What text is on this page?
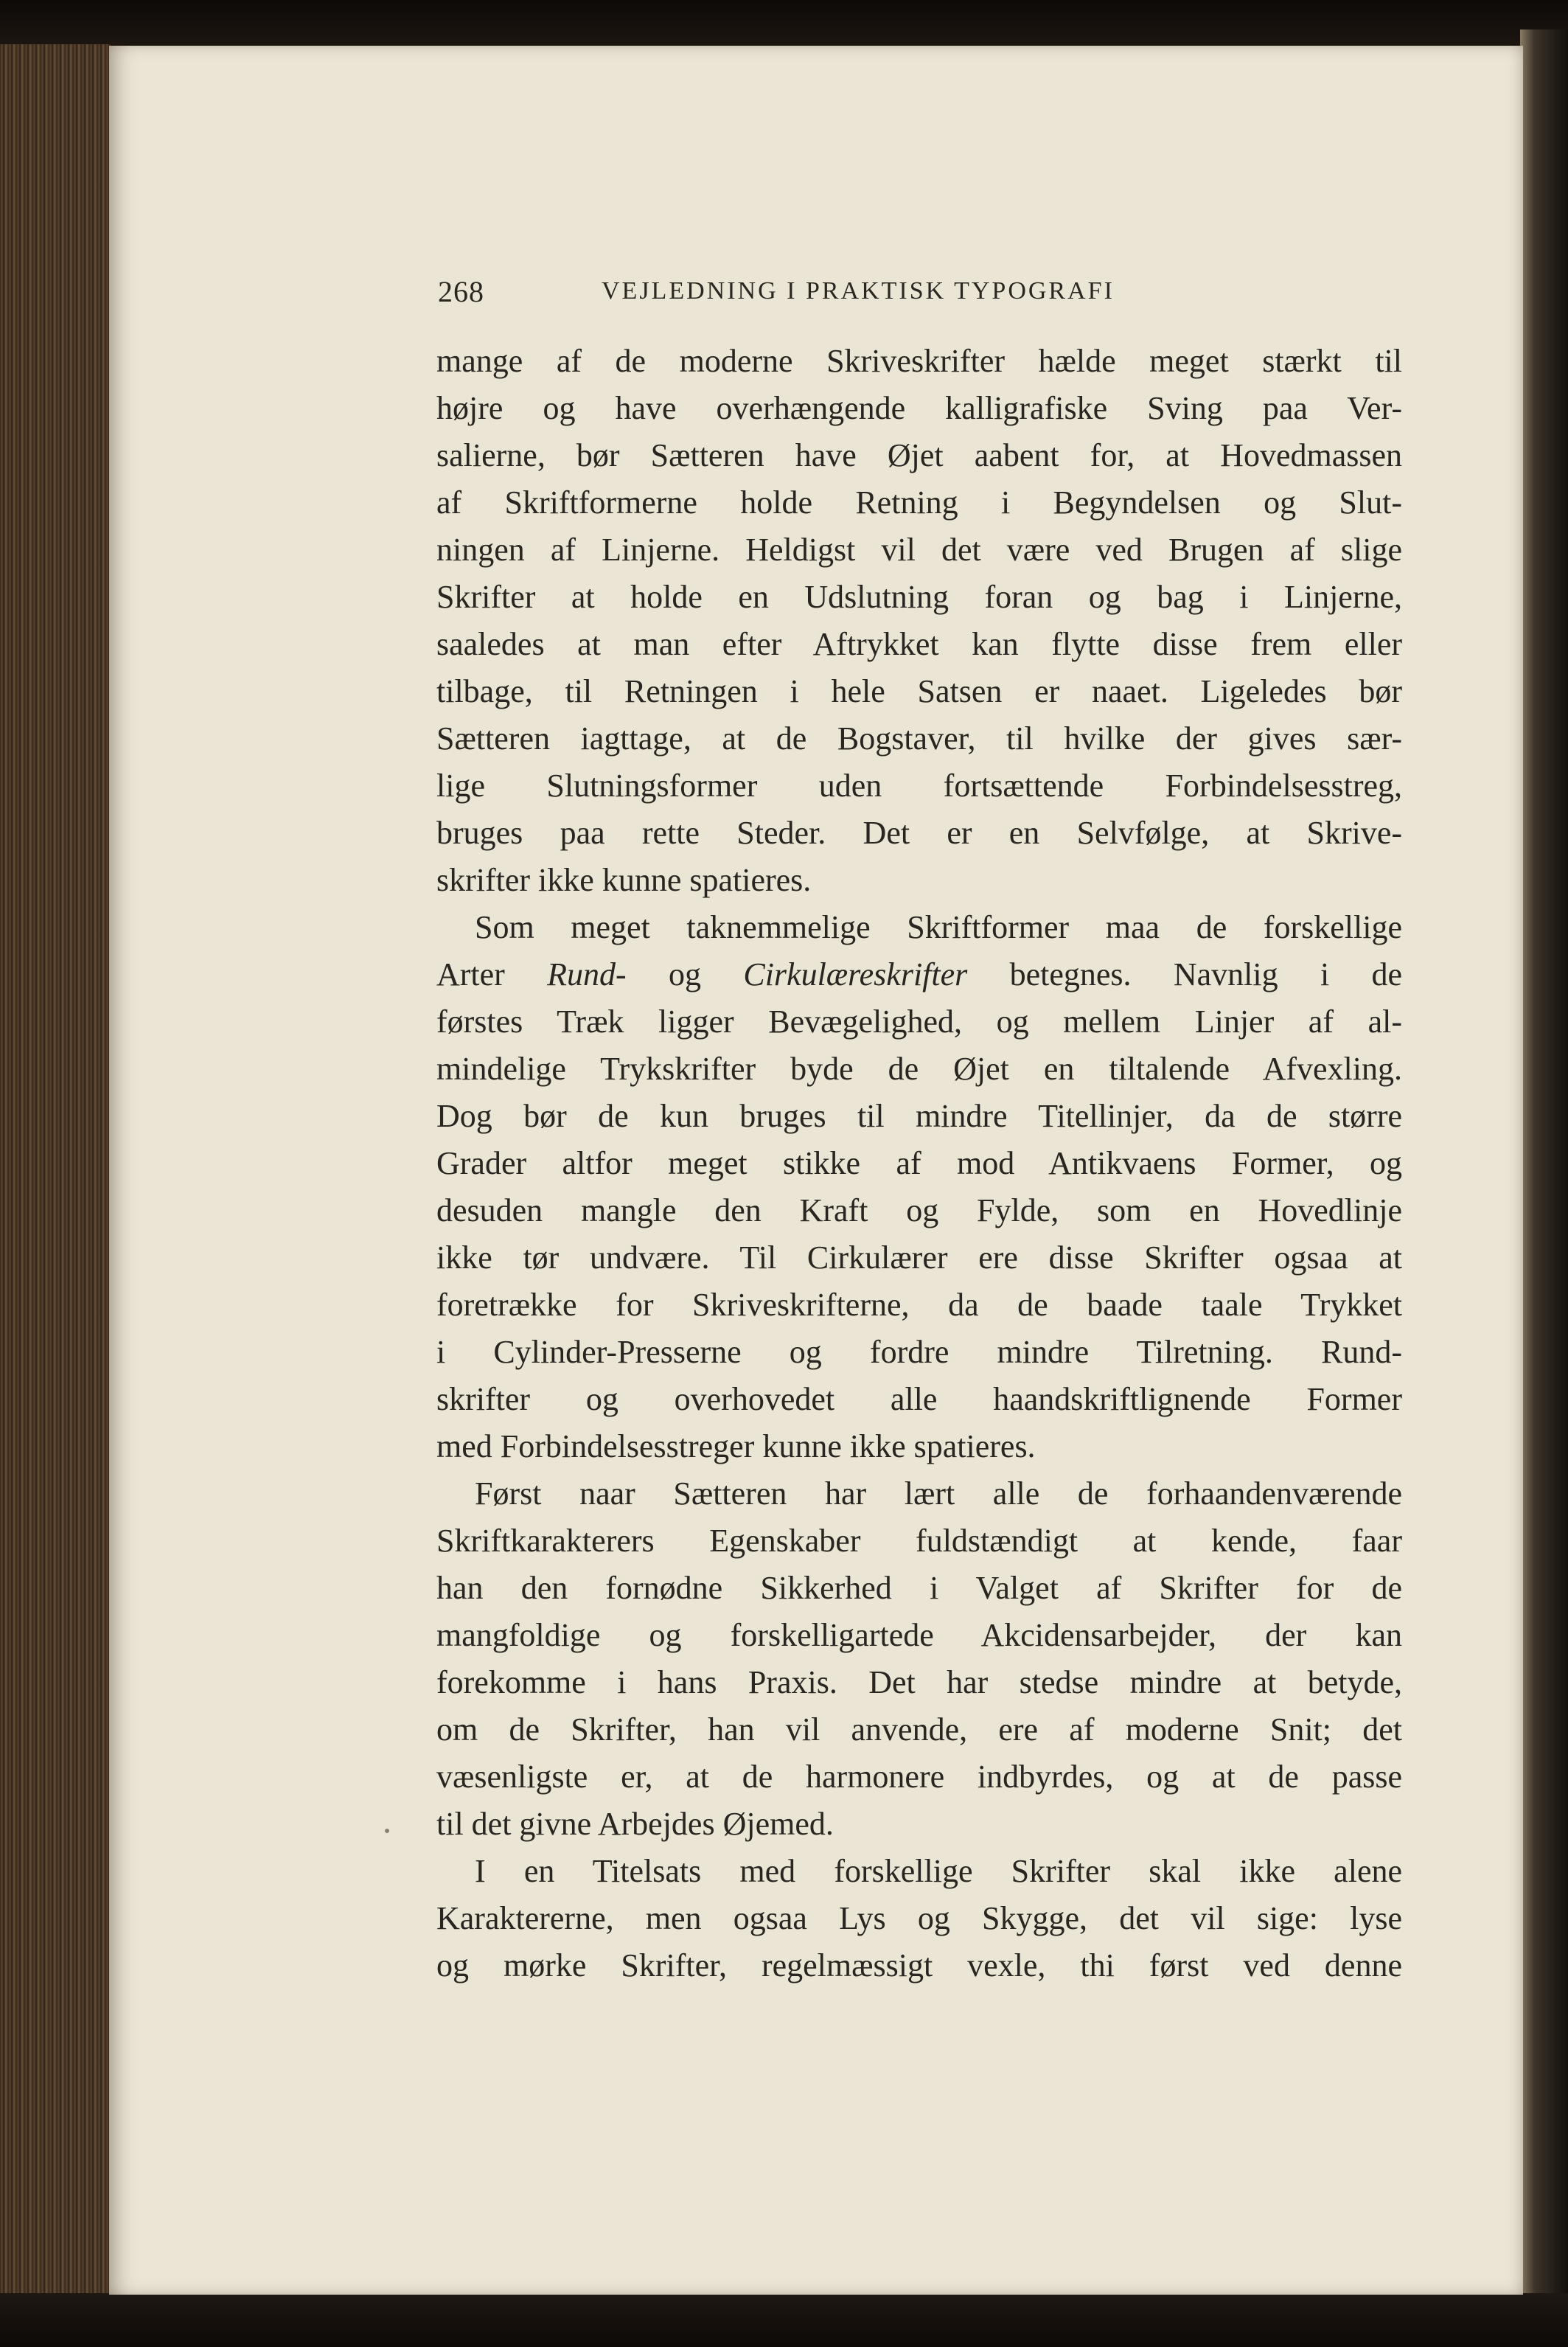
268	VEJLEDNING I PRAKTISK TYPOGRAFI
mange af de moderne Skriveskrifter hælde meget stærkt til
højre og have overhængende kalligrafiske Sving paa Ver-
salierne, bør Sætteren have Øjet aabent for, at Hovedmassen
af Skriftformerne holde Retning i Begyndelsen og Slut-
ningen af Linjerne. Heldigst vil det være ved Brugen af slige
Skrifter at holde en Udslutning foran og bag i Linjerne,
saaledes at man efter Aftrykket kan flytte disse frem eller
tilbage, til Retningen i hele Satsen er naaet. Ligeledes bør
Sætteren iagttage, at de Bogstaver, til hvilke der gives sær-
lige Slutningsformer uden fortsættende Forbindelsesstreg,
bruges paa rette Steder. Det er en Selvfølge, at Skrive-
skrifter ikke kunne spatieres.
Som meget taknemmelige Skriftformer maa de forskellige
Arter Rund- og Cirkulæreskrifter betegnes. Navnlig i de
førstes Træk ligger Bevægelighed, og mellem Linjer af al-
mindelige Trykskrifter byde de Øjet en tiltalende Afvexling.
Dog bør de kun bruges til mindre Titellinjer, da de større
Grader altfor meget stikke af mod Antikvaens Former, og
desuden mangle den Kraft og Fylde, som en Hovedlinje
ikke tør undvære. Til Cirkulærer ere disse Skrifter ogsaa at
foretrække for Skriveskrifterne, da de baade taale Trykket
i Cylinder-Presserne og fordre mindre Tilretning. Rund-
skrifter og overhovedet alle haandskriftlignende Former
med Forbindelsesstreger kunne ikke spatieres.
Først naar Sætteren har lært alle de forhaandenværende
Skriftkarakterers Egenskaber fuldstændigt at kende, faar
han den fornødne Sikkerhed i Valget af Skrifter for de
mangfoldige og forskelligartede Akcidensarbejder, der kan
forekomme i hans Praxis. Det har stedse mindre at betyde,
om de Skrifter, han vil anvende, ere af moderne Snit; det
væsenligste er, at de harmonere indbyrdes, og at de passe
til det givne Arbejdes Øjemed.
I en Titelsats med forskellige Skrifter skal ikke alene
Karaktererne, men ogsaa Lys og Skygge, det vil sige: lyse
og mørke Skrifter, regelmæssigt vexle, thi først ved denne
